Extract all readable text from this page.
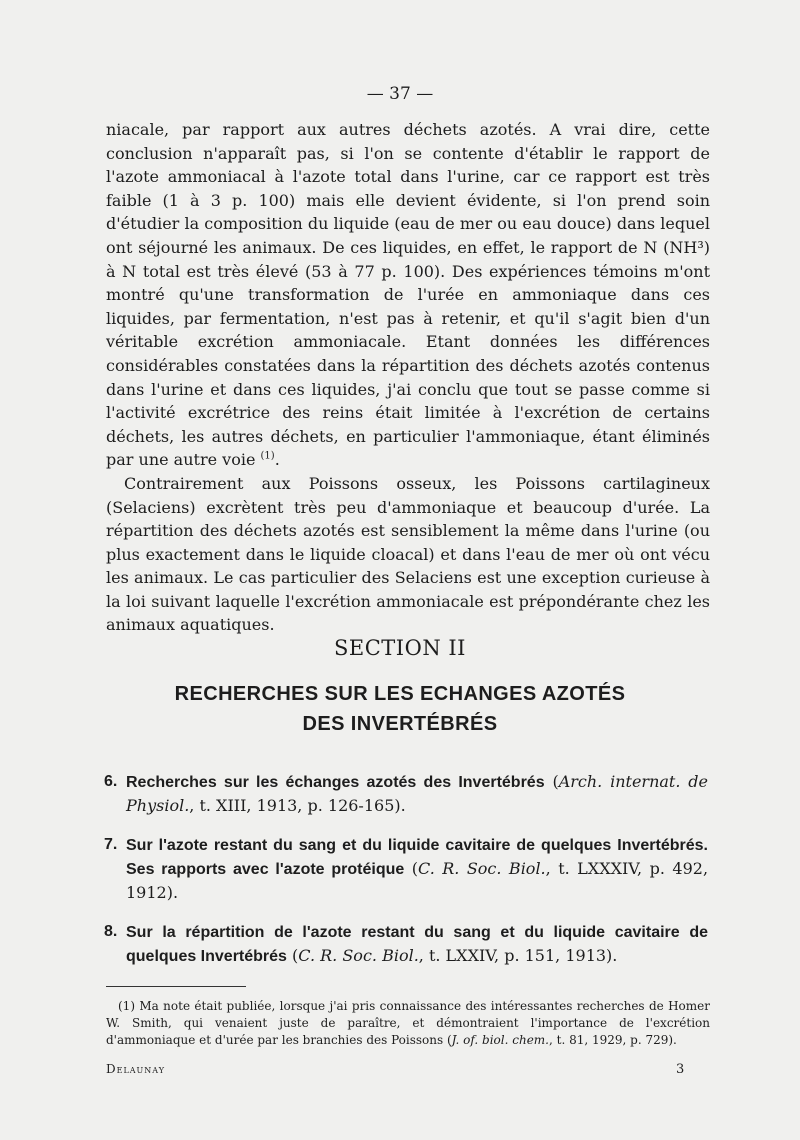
— 37 —

niacale, par rapport aux autres déchets azotés. A vrai dire, cette conclusion n'apparaît pas, si l'on se contente d'établir le rapport de l'azote ammoniacal à l'azote total dans l'urine, car ce rapport est très faible (1 à 3 p. 100) mais elle devient évidente, si l'on prend soin d'étudier la composition du liquide (eau de mer ou eau douce) dans lequel ont séjourné les animaux. De ces liquides, en effet, le rapport de N (NH³) à N total est très élevé (53 à 77 p. 100). Des expériences témoins m'ont montré qu'une transformation de l'urée en ammoniaque dans ces liquides, par fermentation, n'est pas à retenir, et qu'il s'agit bien d'un véritable excrétion ammoniacale. Etant données les différences considérables constatées dans la répartition des déchets azotés contenus dans l'urine et dans ces liquides, j'ai conclu que tout se passe comme si l'activité excrétrice des reins était limitée à l'excrétion de certains déchets, les autres déchets, en particulier l'ammoniaque, étant éliminés par une autre voie $^{(1)}$.

Contrairement aux Poissons osseux, les Poissons cartilagineux (Selaciens) excrètent très peu d'ammoniaque et beaucoup d'urée. La répartition des déchets azotés est sensiblement la même dans l'urine (ou plus exactement dans le liquide cloacal) et dans l'eau de mer où ont vécu les animaux. Le cas particulier des Selaciens est une exception curieuse à la loi suivant laquelle l'excrétion ammoniacale est prépondérante chez les animaux aquatiques.

SECTION II
RECHERCHES SUR LES ECHANGES AZOTÉS
DES INVERTÉBRÉS
6. Recherches sur les échanges azotés des Invertébrés (Arch. internat. de Physiol., t. XIII, 1913, p. 126-165).
7. Sur l'azote restant du sang et du liquide cavitaire de quelques Invertébrés. Ses rapports avec l'azote protéique (C. R. Soc. Biol., t. LXXXIV, p. 492, 1912).
8. Sur la répartition de l'azote restant du sang et du liquide cavitaire de quelques Invertébrés (C. R. Soc. Biol., t. LXXIV, p. 151, 1913).

(1) Ma note était publiée, lorsque j'ai pris connaissance des intéressantes recherches de Homer W. Smith, qui venaient juste de paraître, et démontraient l'importance de l'excrétion d'ammoniaque et d'urée par les branchies des Poissons (J. of. biol. chem., t. 81, 1929, p. 729).

Delaunay	3
